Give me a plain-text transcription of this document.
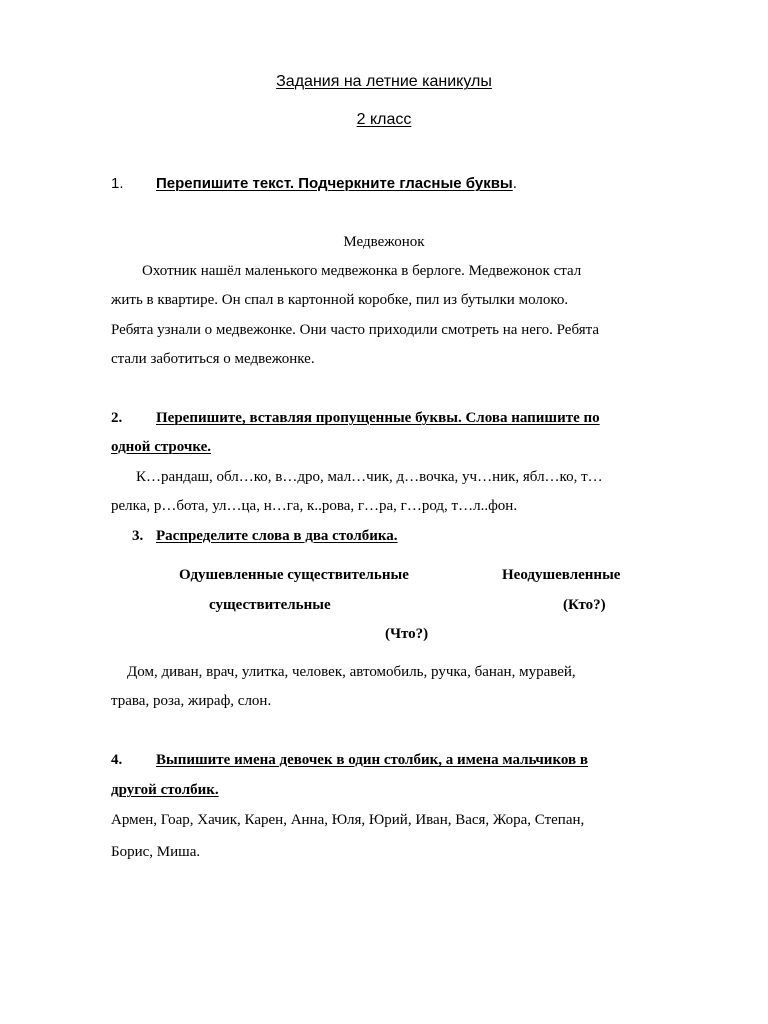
Задания на летние каникулы
2 класс
1. Перепишите текст. Подчеркните гласные буквы.
Медвежонок
Охотник нашёл маленького медвежонка в берлоге. Медвежонок стал
жить в квартире. Он спал в картонной коробке, пил из бутылки молоко.
Ребята узнали о медвежонке. Они часто приходили смотреть на него. Ребята
стали заботиться о медвежонке.
2. Перепишите, вставляя пропущенные буквы. Слова напишите по
одной строчке.
К…рандаш, обл…ко, в…дро, мал…чик, д…вочка, уч…ник, ябл…ко, т…
релка, р…бота, ул…ца, н…га, к..рова, г…ра, г…род, т…л..фон.
3. Распределите слова в два столбика.
Одушевленные существительные	Неодушевленные
существительные	(Кто?)
(Что?)
Дом, диван, врач, улитка, человек, автомобиль, ручка, банан, муравей,
трава, роза, жираф, слон.
4. Выпишите имена девочек в один столбик, а имена мальчиков в
другой столбик.
Армен, Гоар, Хачик, Карен, Анна, Юля, Юрий, Иван, Вася, Жора, Степан,
Борис, Миша.
